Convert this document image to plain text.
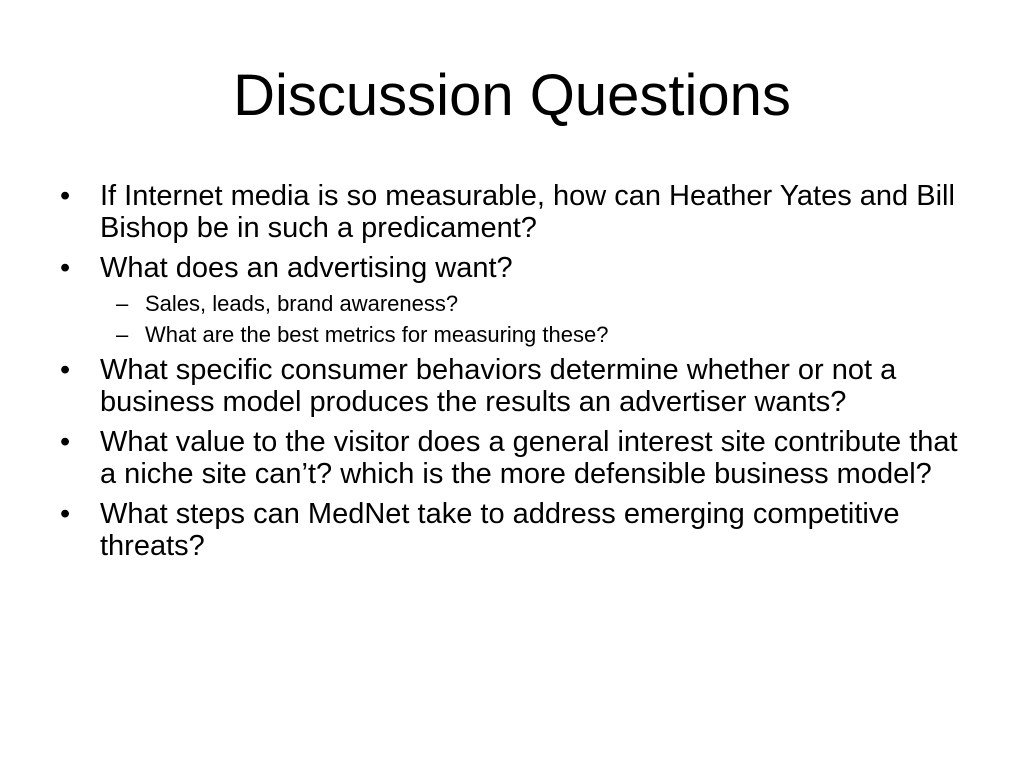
Discussion Questions
• If Internet media is so measurable, how can Heather Yates and Bill Bishop be in such a predicament?
• What does an advertising want?
– Sales, leads, brand awareness?
– What are the best metrics for measuring these?
• What specific consumer behaviors determine whether or not a business model produces the results an advertiser wants?
• What value to the visitor does a general interest site contribute that a niche site can’t? which is the more defensible business model?
• What steps can MedNet take to address emerging competitive threats?
